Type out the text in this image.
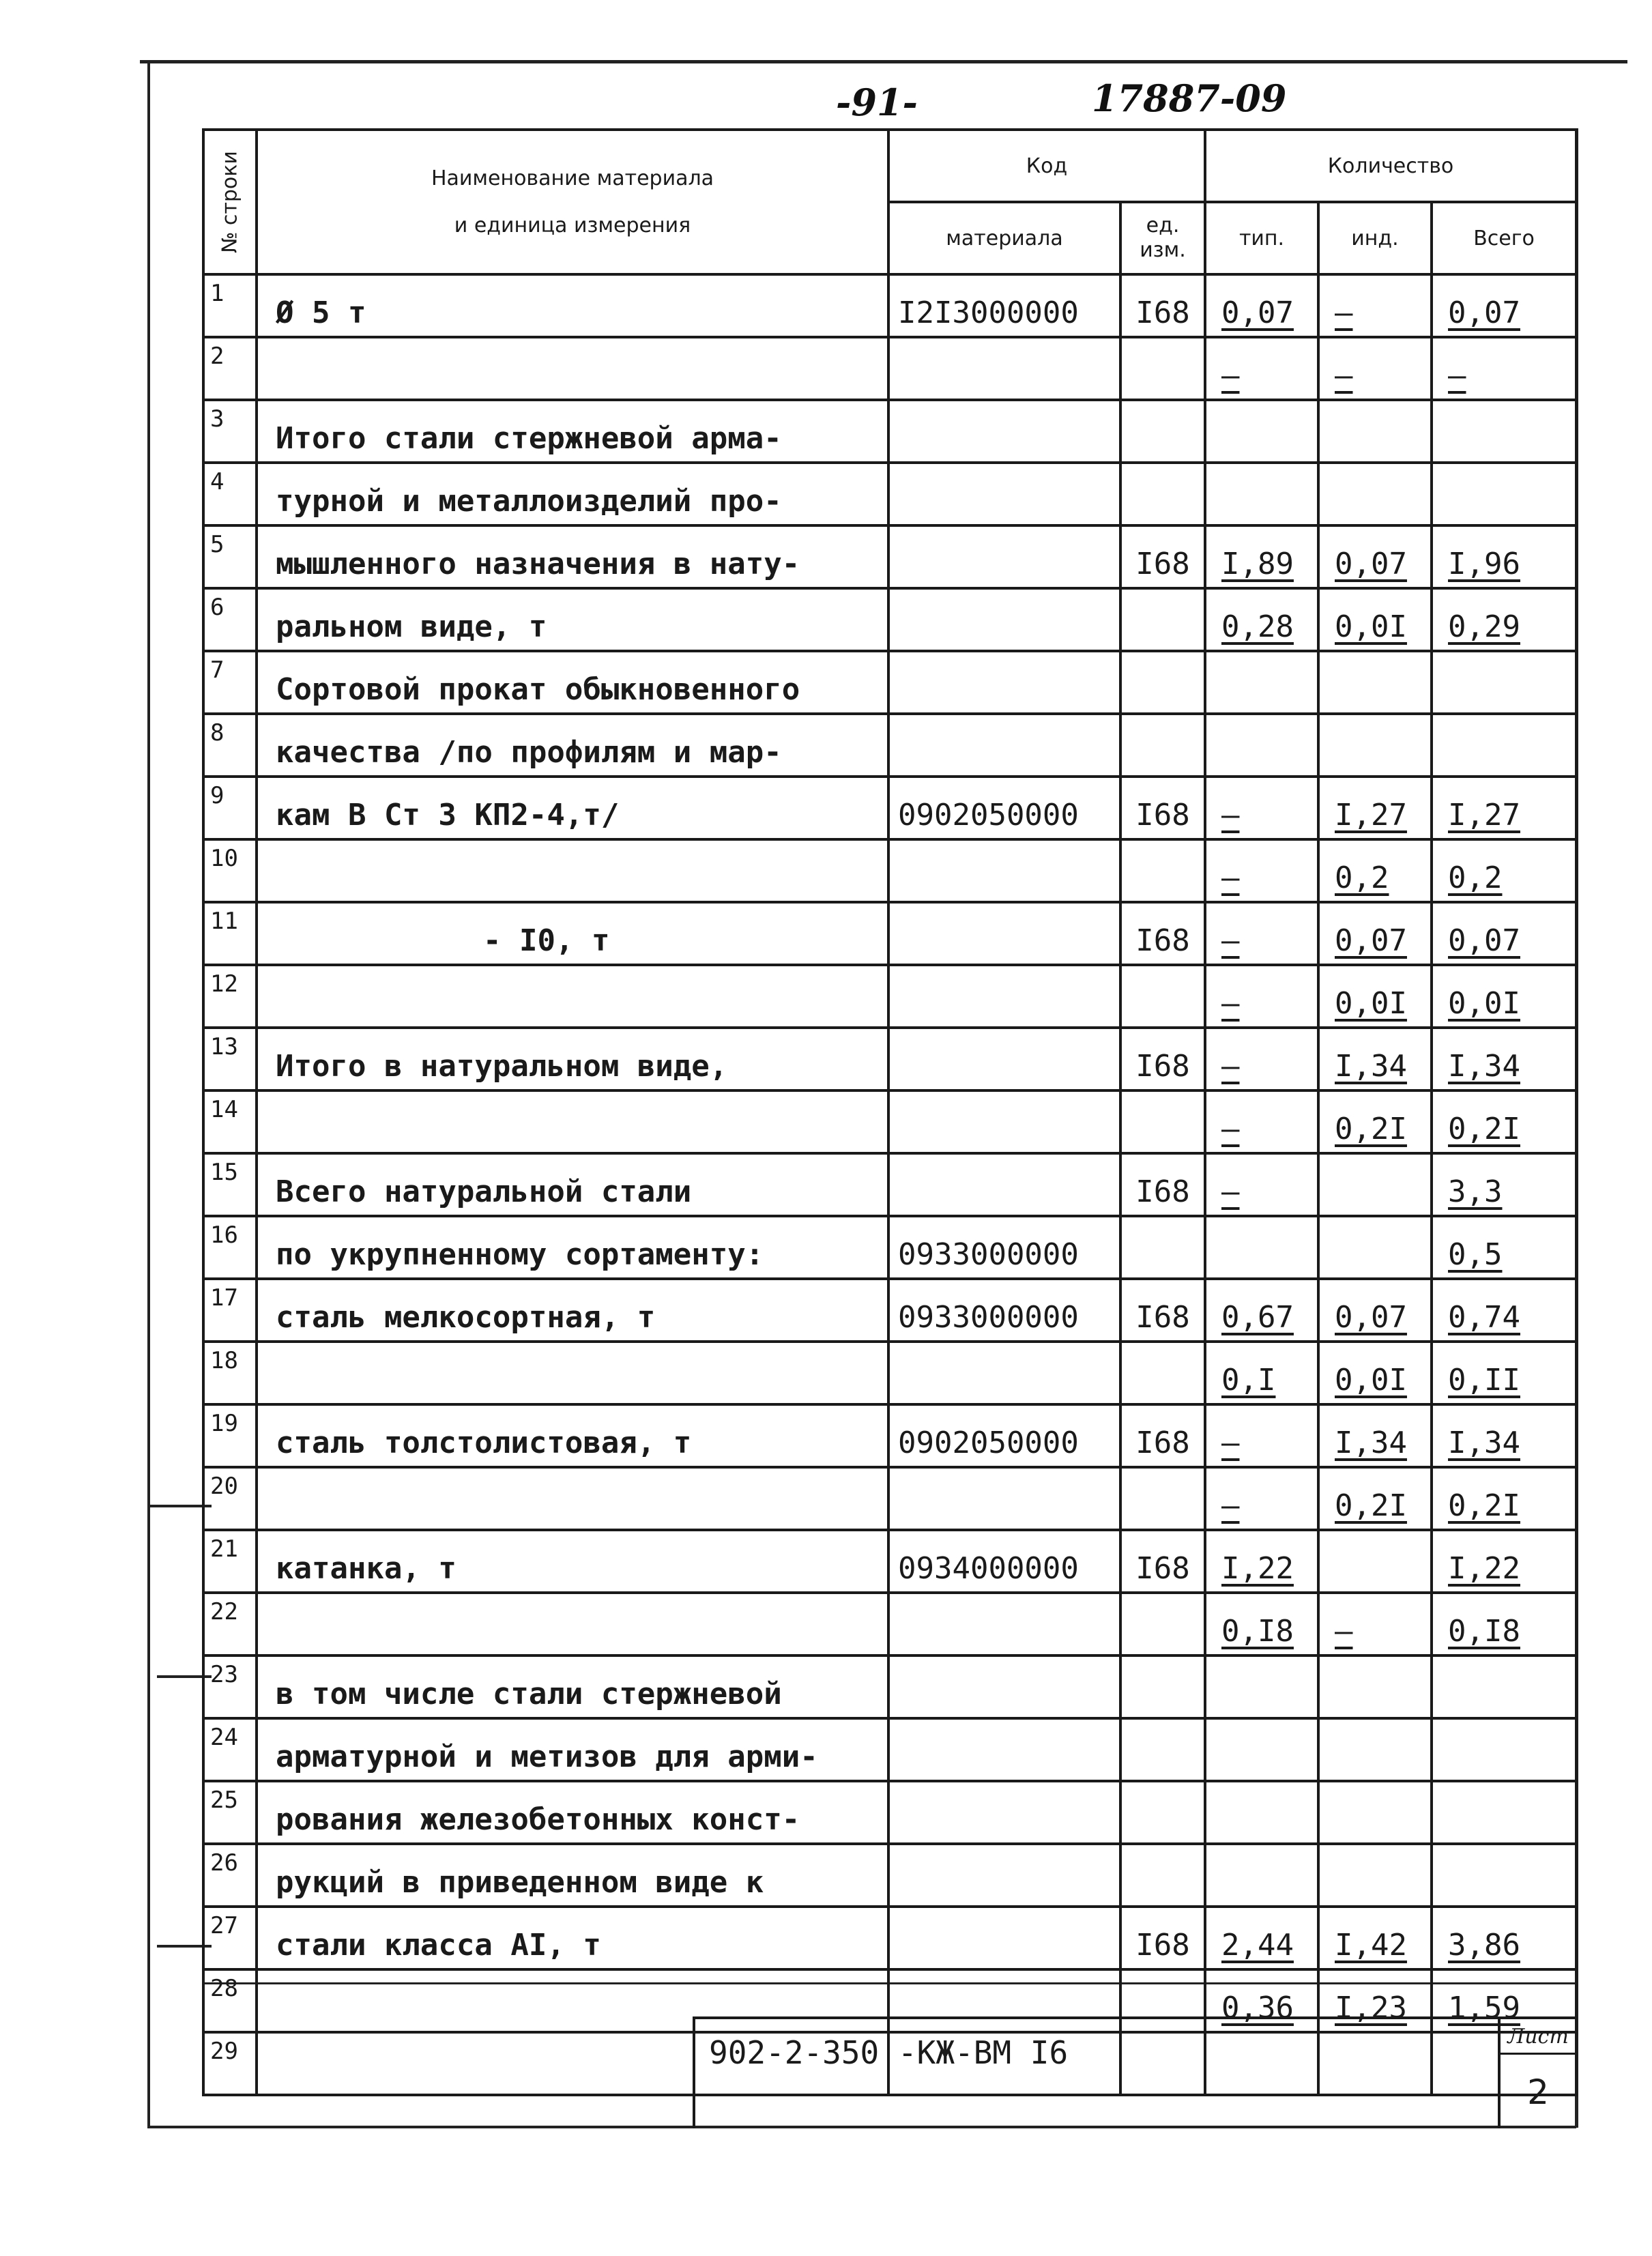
-91-	17887-09
№ строки	Наименование материала
и единица измерения	Код		Количество		
		материала	ед. изм.	тип.	инд.	Всего
1	Ø 5 т	I2I3000000	I68	0,07	–	0,07
2				–	–	–
3	Итого стали стержневой арма-					
4	турной и металлоизделий про-					
5	мышленного назначения в нату-		I68	I,89	0,07	I,96
6	ральном виде, т			0,28	0,0I	0,29
7	Сортовой прокат обыкновенного					
8	качества /по профилям и мар-					
9	кам В Ст 3 КП2-4,т/	0902050000	I68	–	I,27	I,27
10				–	0,2	0,2
11	- I0, т		I68	–	0,07	0,07
12				–	0,0I	0,0I
13	Итого в натуральном виде,		I68	–	I,34	I,34
14				–	0,2I	0,2I
15	Всего натуральной стали		I68	–		3,3
16	по укрупненному сортаменту:	0933000000				0,5
17	сталь мелкосортная, т	0933000000	I68	0,67	0,07	0,74
18				0,I	0,0I	0,II
19	сталь толстолистовая, т	0902050000	I68	–	I,34	I,34
20				–	0,2I	0,2I
21	катанка, т	0934000000	I68	I,22		I,22
22				0,I8	–	0,I8
23	в том числе стали стержневой					
24	арматурной и метизов для арми-					
25	рования железобетонных конст-					
26	рукций в приведенном виде к					
27	стали класса АI, т		I68	2,44	I,42	3,86
28				0,36	I,23	1,59
29							902-2-350 -КЖ-ВМ I6	Лист
2
